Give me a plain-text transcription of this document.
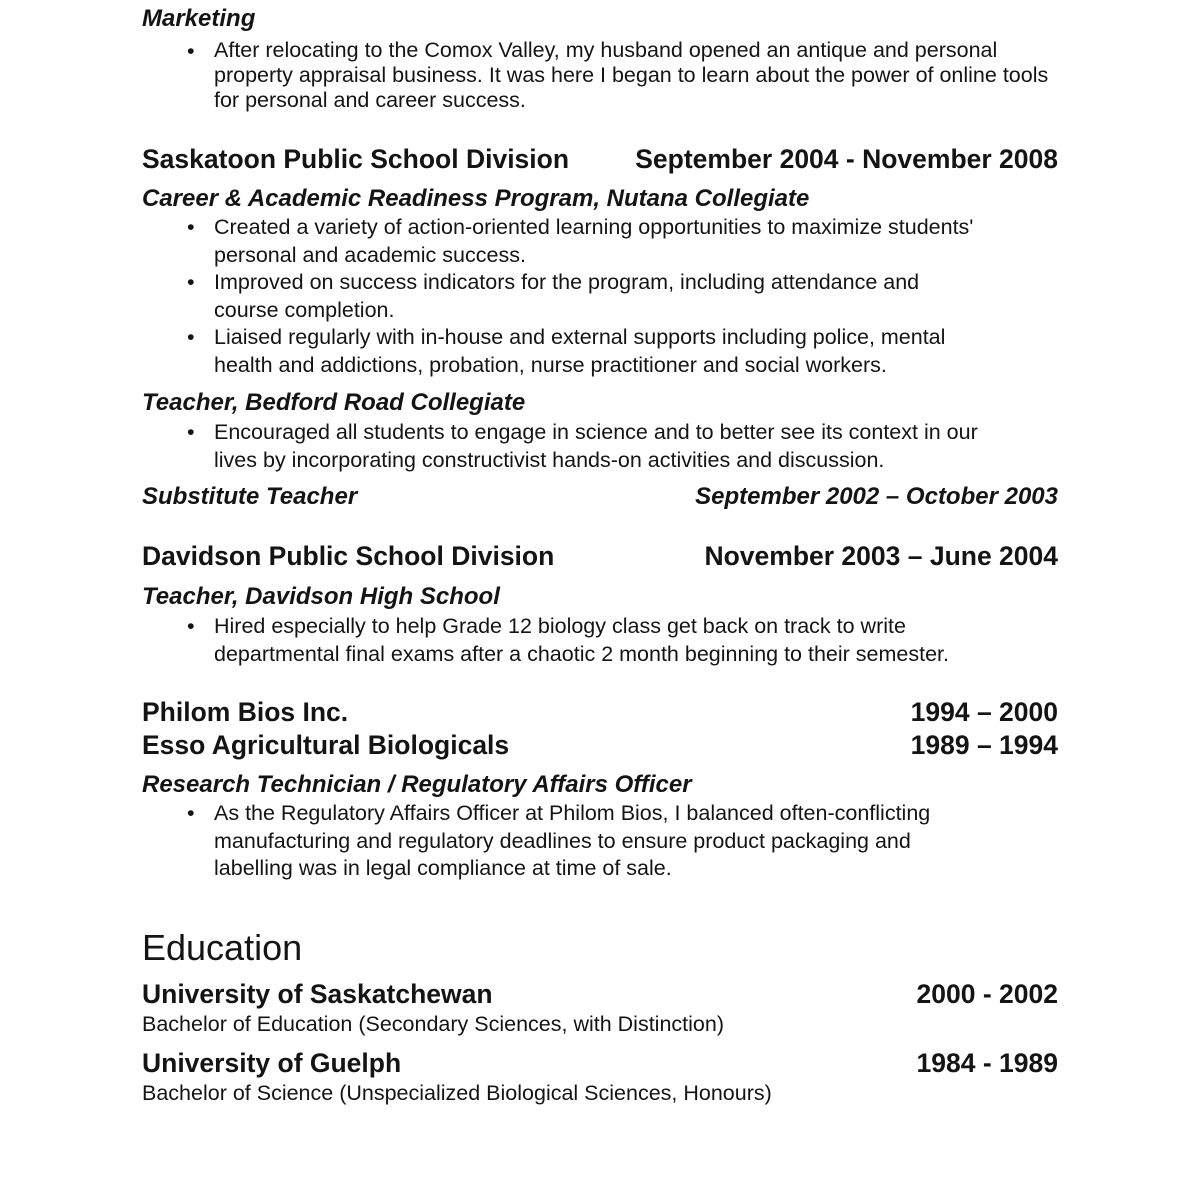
Marketing
• After relocating to the Comox Valley, my husband opened an antique and personal
property appraisal business. It was here I began to learn about the power of online tools
for personal and career success.
Saskatoon Public School Division September 2004 - November 2008
Career & Academic Readiness Program, Nutana Collegiate
• Created a variety of action-oriented learning opportunities to maximize students'
personal and academic success.
• Improved on success indicators for the program, including attendance and
course completion.
• Liaised regularly with in-house and external supports including police, mental
health and addictions, probation, nurse practitioner and social workers.
Teacher, Bedford Road Collegiate
• Encouraged all students to engage in science and to better see its context in our
lives by incorporating constructivist hands-on activities and discussion.
Substitute Teacher	September 2002 – October 2003
Davidson Public School Division	November 2003 – June 2004
Teacher, Davidson High School
• Hired especially to help Grade 12 biology class get back on track to write
departmental final exams after a chaotic 2 month beginning to their semester.
Philom Bios Inc.	1994 – 2000
Esso Agricultural Biologicals	1989 – 1994
Research Technician / Regulatory Affairs Officer
• As the Regulatory Affairs Officer at Philom Bios, I balanced often-conflicting
manufacturing and regulatory deadlines to ensure product packaging and
labelling was in legal compliance at time of sale.
Education
University of Saskatchewan	2000 - 2002
Bachelor of Education (Secondary Sciences, with Distinction)
University of Guelph	1984 - 1989
Bachelor of Science (Unspecialized Biological Sciences, Honours)
